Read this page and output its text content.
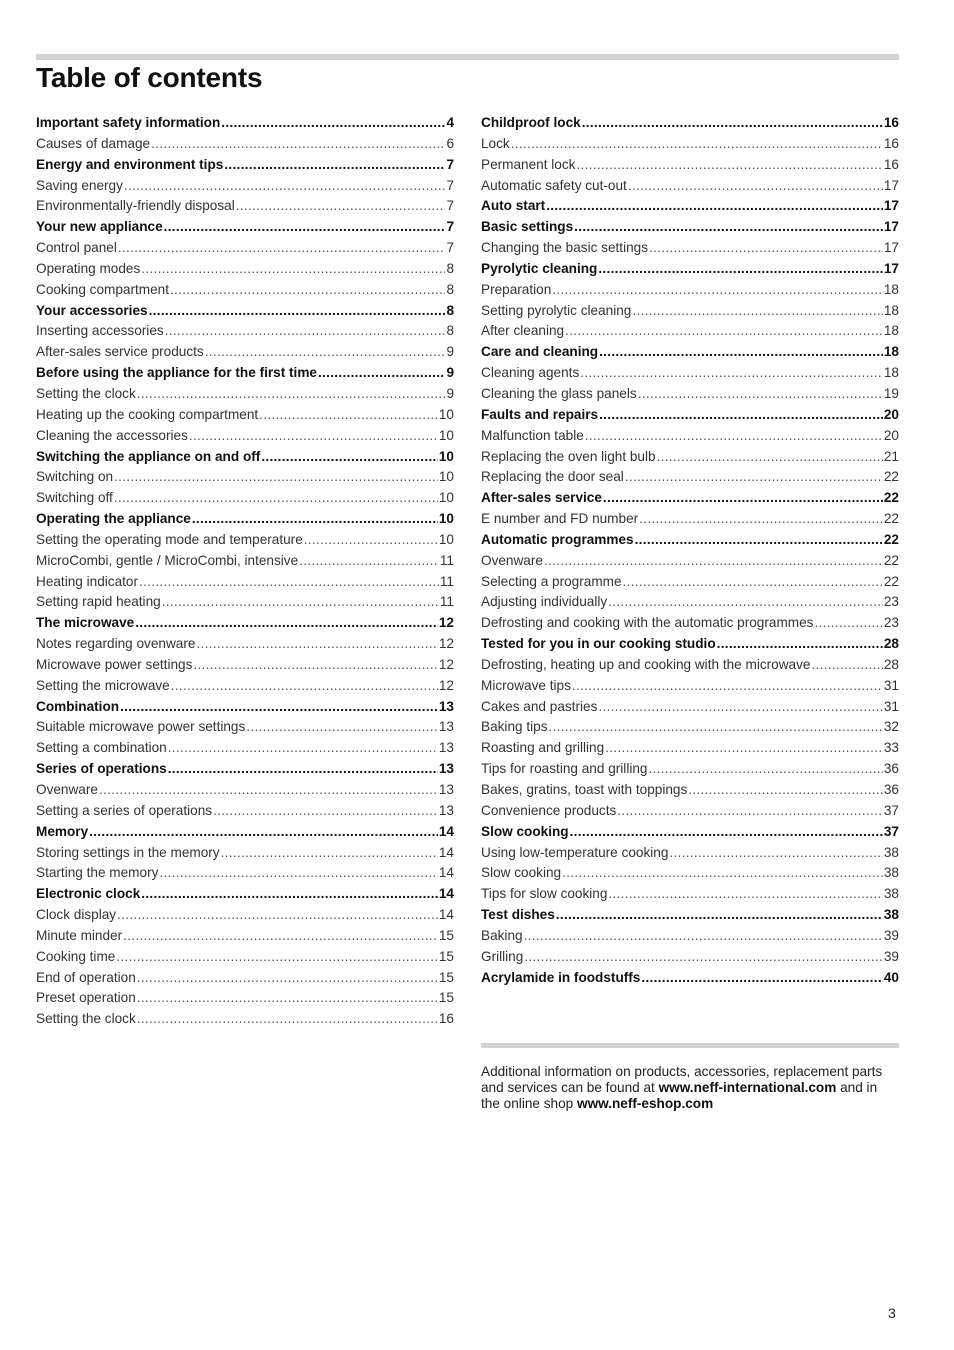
Table of contents
Important safety information .....	4
Causes of damage .....	6
Energy and environment tips .....	7
Saving energy .....	7
Environmentally-friendly disposal .....	7
Your new appliance .....	7
Control panel .....	7
Operating modes .....	8
Cooking compartment .....	8
Your accessories .....	8
Inserting accessories .....	8
After-sales service products .....	9
Before using the appliance for the first time .....	9
Setting the clock .....	9
Heating up the cooking compartment .....	10
Cleaning the accessories .....	10
Switching the appliance on and off .....	10
Switching on .....	10
Switching off .....	10
Operating the appliance .....	10
Setting the operating mode and temperature .....	10
MicroCombi, gentle / MicroCombi, intensive .....	11
Heating indicator .....	11
Setting rapid heating .....	11
The microwave .....	12
Notes regarding ovenware .....	12
Microwave power settings .....	12
Setting the microwave .....	12
Combination .....	13
Suitable microwave power settings .....	13
Setting a combination .....	13
Series of operations .....	13
Ovenware .....	13
Setting a series of operations .....	13
Memory .....	14
Storing settings in the memory .....	14
Starting the memory .....	14
Electronic clock .....	14
Clock display .....	14
Minute minder .....	15
Cooking time .....	15
End of operation .....	15
Preset operation .....	15
Setting the clock .....	16
Childproof lock .....	16
Lock .....	16
Permanent lock .....	16
Automatic safety cut-out .....	17
Auto start .....	17
Basic settings .....	17
Changing the basic settings .....	17
Pyrolytic cleaning .....	17
Preparation .....	18
Setting pyrolytic cleaning .....	18
After cleaning .....	18
Care and cleaning .....	18
Cleaning agents .....	18
Cleaning the glass panels .....	19
Faults and repairs .....	20
Malfunction table .....	20
Replacing the oven light bulb .....	21
Replacing the door seal .....	22
After-sales service .....	22
E number and FD number .....	22
Automatic programmes .....	22
Ovenware .....	22
Selecting a programme .....	22
Adjusting individually .....	23
Defrosting and cooking with the automatic programmes .....	23
Tested for you in our cooking studio .....	28
Defrosting, heating up and cooking with the microwave .....	28
Microwave tips .....	31
Cakes and pastries .....	31
Baking tips .....	32
Roasting and grilling .....	33
Tips for roasting and grilling .....	36
Bakes, gratins, toast with toppings .....	36
Convenience products .....	37
Slow cooking .....	37
Using low-temperature cooking .....	38
Slow cooking .....	38
Tips for slow cooking .....	38
Test dishes .....	38
Baking .....	39
Grilling .....	39
Acrylamide in foodstuffs .....	40

Additional information on products, accessories, replacement parts and services can be found at www.neff-international.com and in the online shop www.neff-eshop.com

3
